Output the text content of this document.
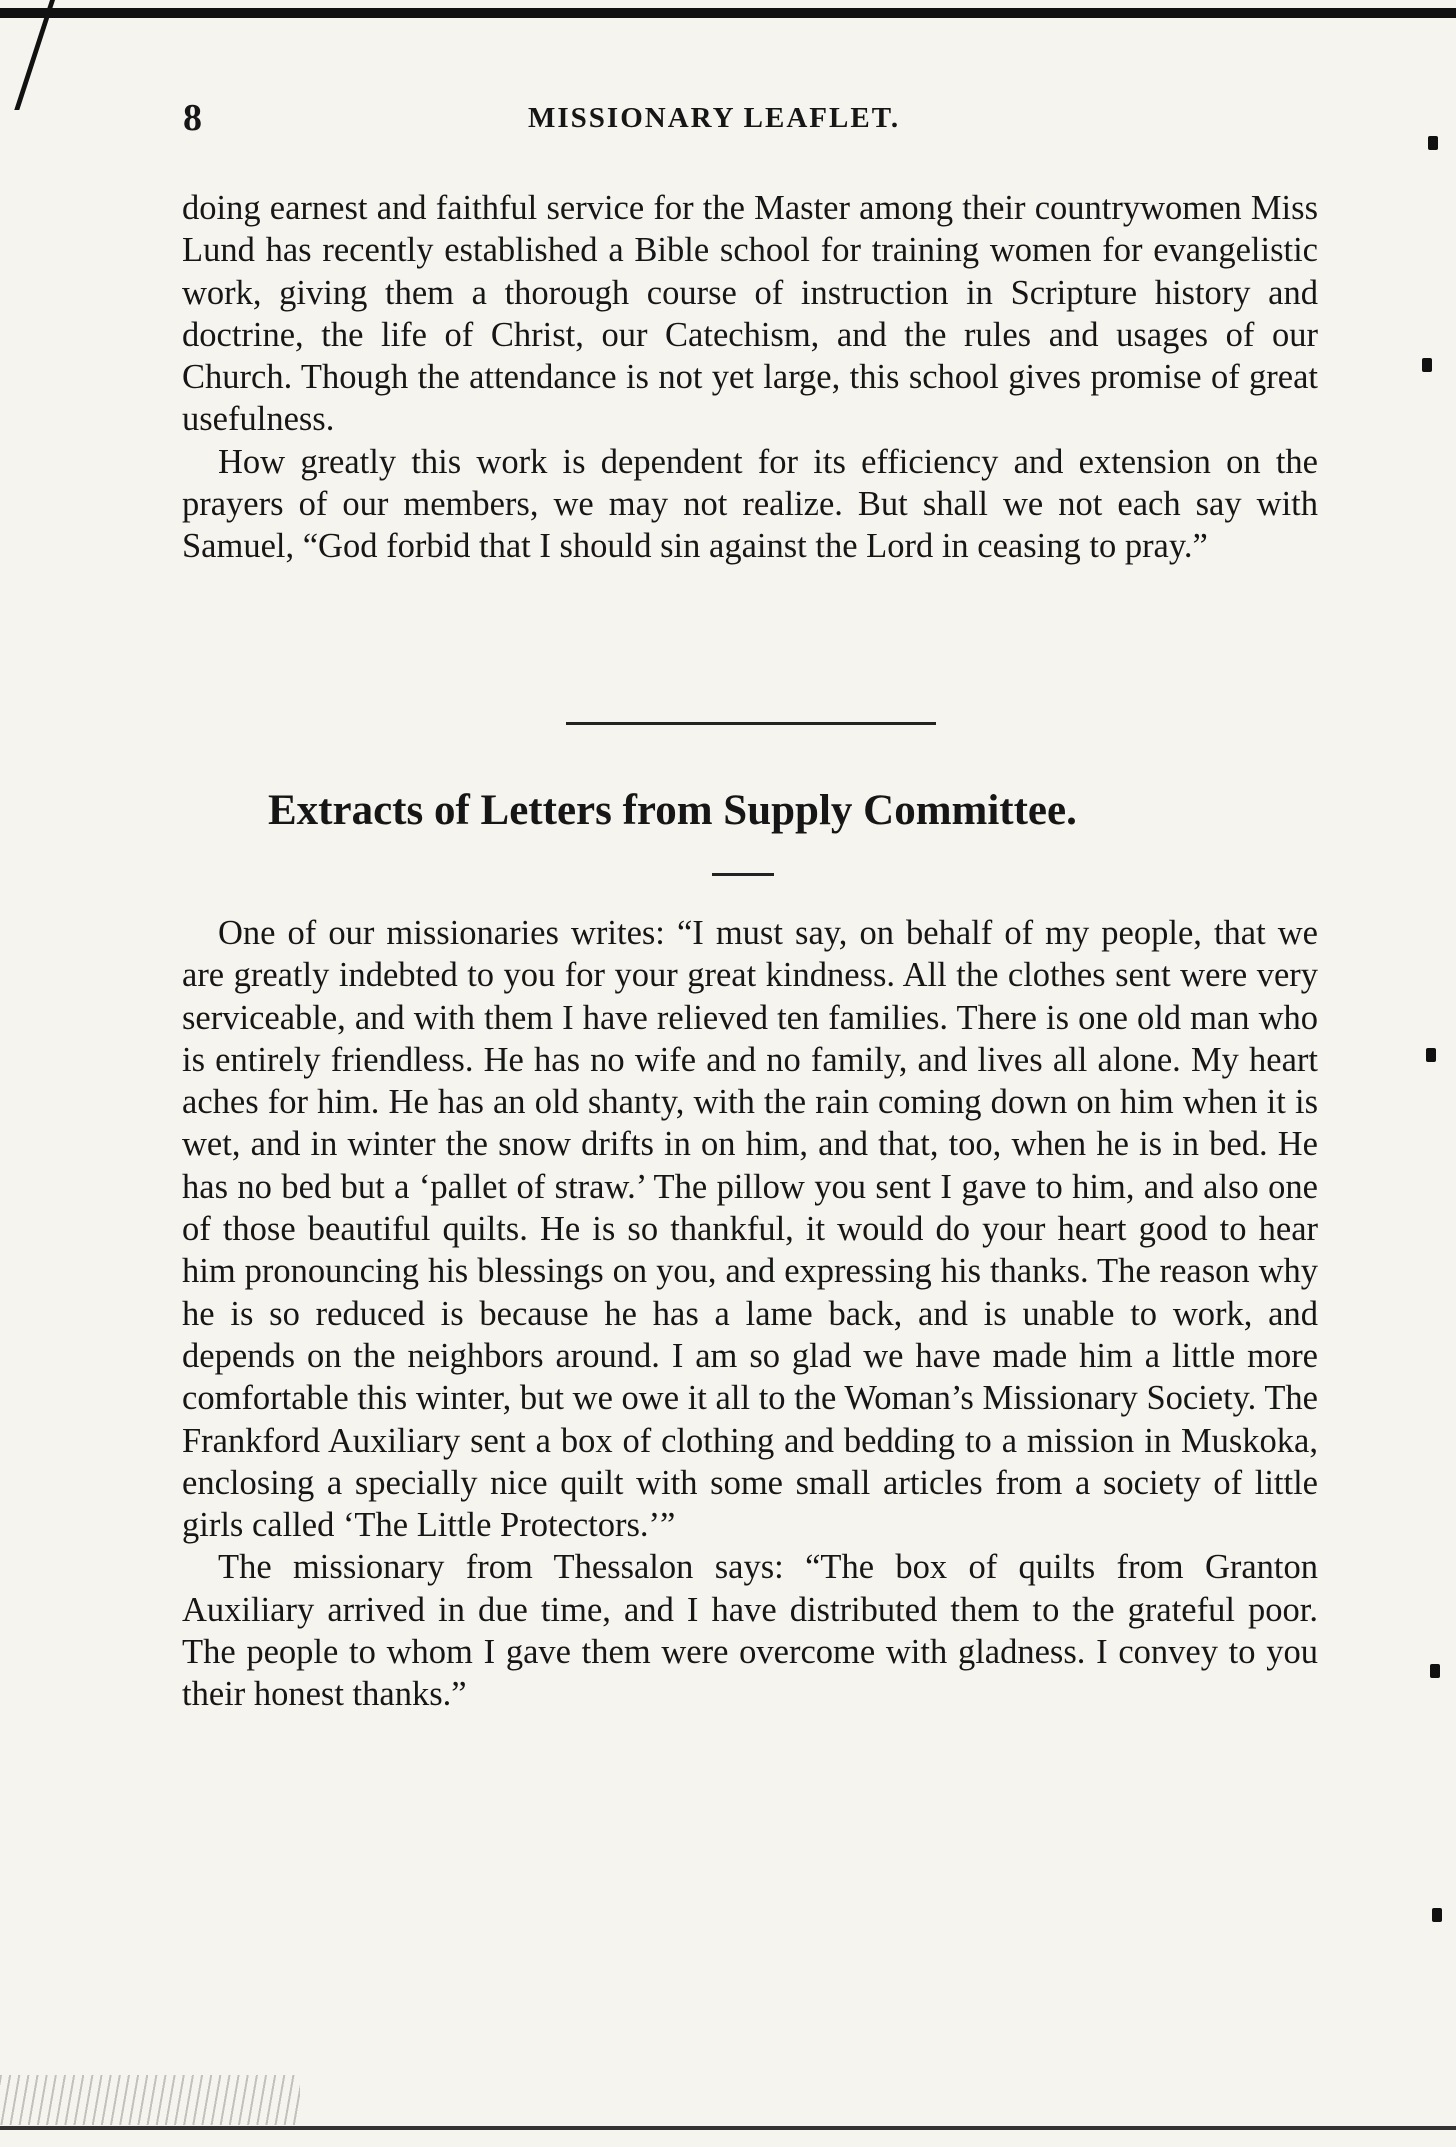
8	MISSIONARY LEAFLET.

doing earnest and faithful service for the Master among their countrywomen Miss Lund has recently established a Bible school for training women for evangelistic work, giving them a thorough course of instruction in Scripture history and doctrine, the life of Christ, our Catechism, and the rules and usages of our Church. Though the attendance is not yet large, this school gives promise of great usefulness.

How greatly this work is dependent for its efficiency and extension on the prayers of our members, we may not realize. But shall we not each say with Samuel, “God forbid that I should sin against the Lord in ceasing to pray.”

Extracts of Letters from Supply Committee.

One of our missionaries writes: “I must say, on behalf of my people, that we are greatly indebted to you for your great kindness. All the clothes sent were very serviceable, and with them I have relieved ten families. There is one old man who is entirely friendless. He has no wife and no family, and lives all alone. My heart aches for him. He has an old shanty, with the rain coming down on him when it is wet, and in winter the snow drifts in on him, and that, too, when he is in bed. He has no bed but a ‘pallet of straw.’ The pillow you sent I gave to him, and also one of those beautiful quilts. He is so thankful, it would do your heart good to hear him pronouncing his blessings on you, and expressing his thanks. The reason why he is so reduced is because he has a lame back, and is unable to work, and depends on the neighbors around. I am so glad we have made him a little more comfortable this winter, but we owe it all to the Woman’s Missionary Society. The Frankford Auxiliary sent a box of clothing and bedding to a mission in Muskoka, enclosing a specially nice quilt with some small articles from a society of little girls called ‘The Little Protectors.’”

The missionary from Thessalon says: “The box of quilts from Granton Auxiliary arrived in due time, and I have distributed them to the grateful poor. The people to whom I gave them were overcome with gladness. I convey to you their honest thanks.”
